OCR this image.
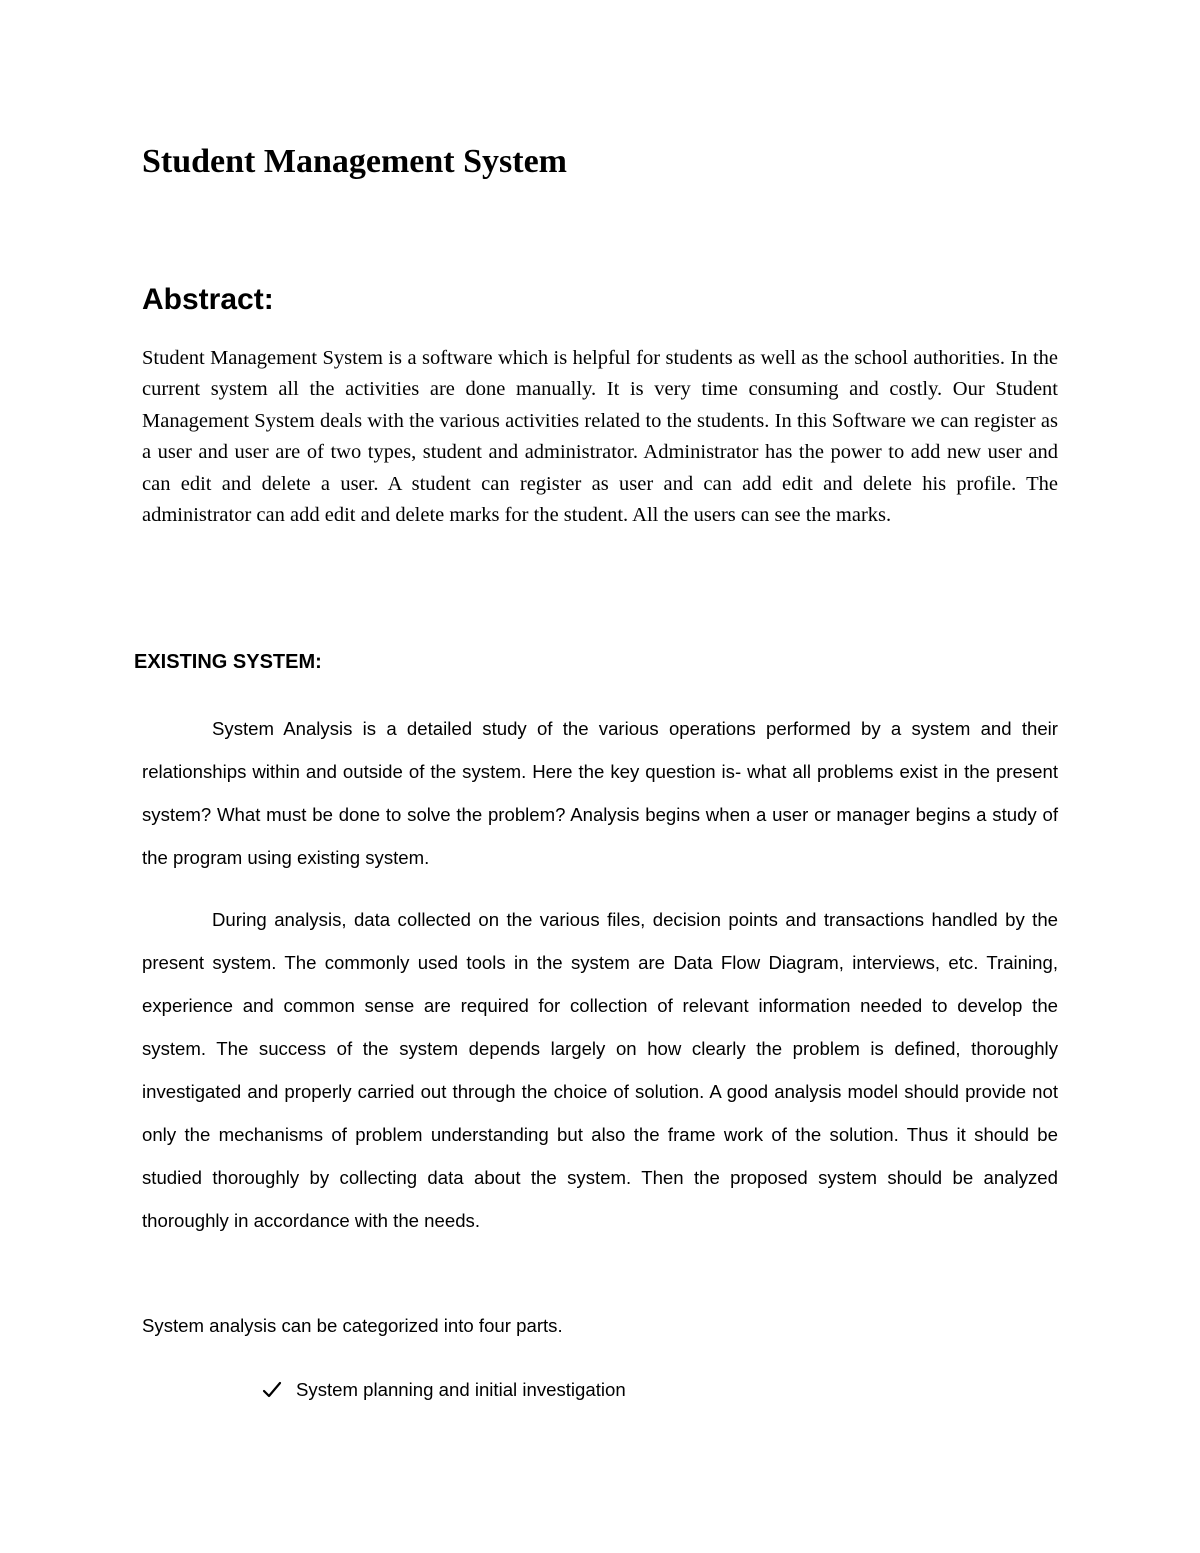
Student Management System
Abstract:

Student Management System is a software which is helpful for students as well as the school authorities. In the current system all the activities are done manually. It is very time consuming and costly. Our Student Management System deals with the various activities related to the students. In this Software we can register as a user and user are of two types, student and administrator. Administrator has the power to add new user and can edit and delete a user. A student can register as user and can add edit and delete his profile. The administrator can add edit and delete marks for the student. All the users can see the marks.

EXISTING SYSTEM:

System Analysis is a detailed study of the various operations performed by a system and their relationships within and outside of the system. Here the key question is- what all problems exist in the present system? What must be done to solve the problem? Analysis begins when a user or manager begins a study of the program using existing system.

During analysis, data collected on the various files, decision points and transactions handled by the present system. The commonly used tools in the system are Data Flow Diagram, interviews, etc. Training, experience and common sense are required for collection of relevant information needed to develop the system. The success of the system depends largely on how clearly the problem is defined, thoroughly investigated and properly carried out through the choice of solution. A good analysis model should provide not only the mechanisms of problem understanding but also the frame work of the solution. Thus it should be studied thoroughly by collecting data about the system. Then the proposed system should be analyzed thoroughly in accordance with the needs.

System analysis can be categorized into four parts.

System planning and initial investigation
